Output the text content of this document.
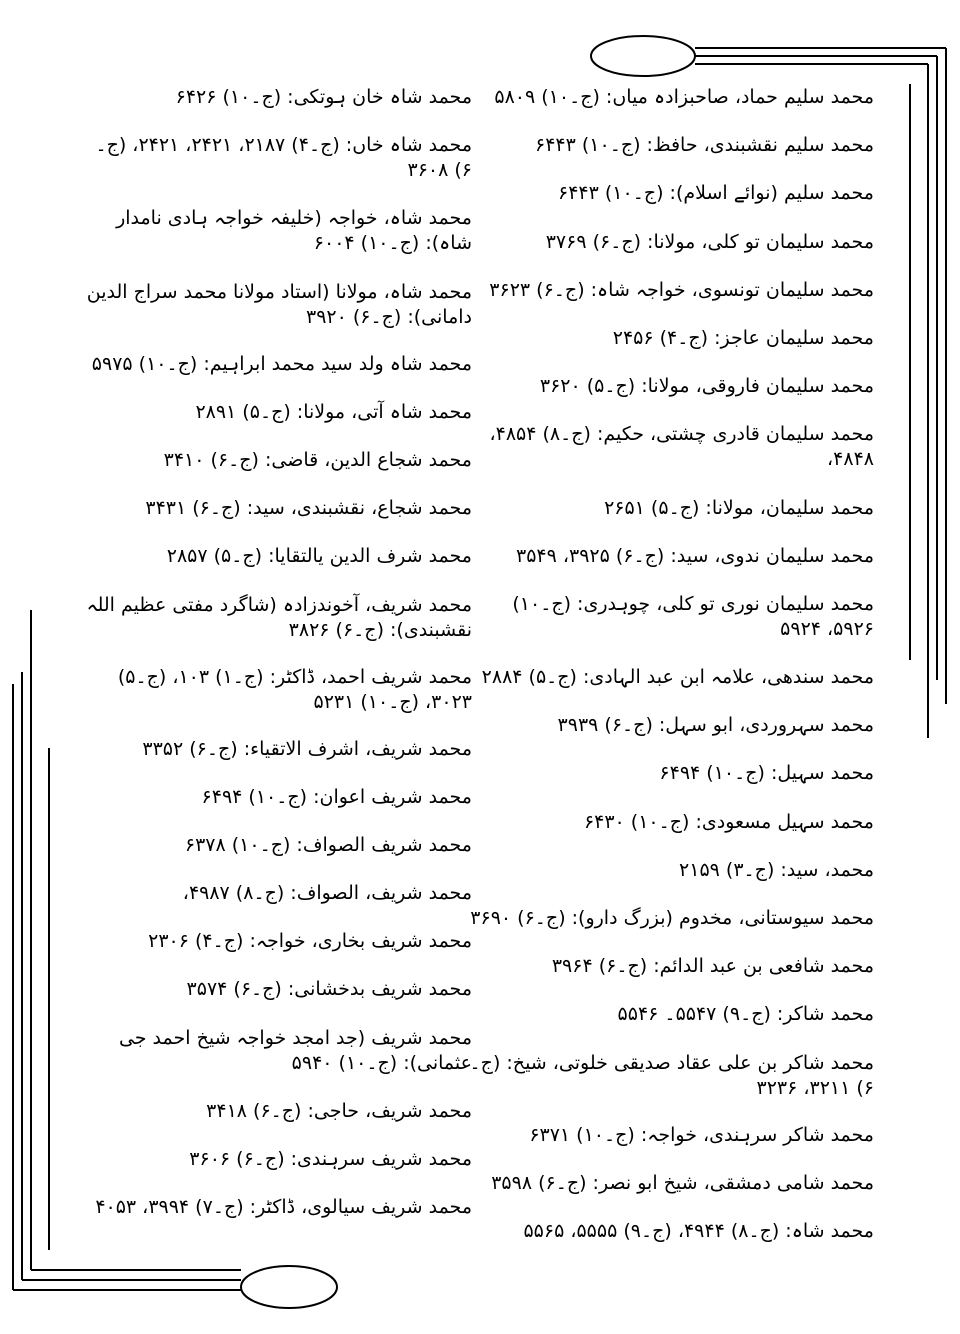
محمد سلیم حماد، صاحبزادہ میاں: (ج۔۱۰) ۵۸۰۹
محمد سلیم نقشبندی، حافظ: (ج۔۱۰) ۶۴۴۳
محمد سلیم (نوائے اسلام): (ج۔۱۰) ۶۴۴۳
محمد سلیمان تو کلی، مولانا: (ج۔۶) ۳۷۶۹
محمد سلیمان تونسوی، خواجہ شاہ: (ج۔۶) ۳۶۲۳
محمد سلیمان عاجز: (ج۔۴) ۲۴۵۶
محمد سلیمان فاروقی، مولانا: (ج۔۵) ۳۶۲۰
محمد سلیمان قادری چشتی، حکیم: (ج۔۸) ۴۸۵۴، ۴۸۴۸،
محمد سلیمان، مولانا: (ج۔۵) ۲۶۵۱
محمد سلیمان ندوی، سید: (ج۔۶) ۳۹۲۵، ۳۵۴۹
محمد سلیمان نوری تو کلی، چوہدری: (ج۔۱۰) ۵۹۲۶، ۵۹۲۴
محمد سندھی، علامہ ابن عبد الہادی: (ج۔۵) ۲۸۸۴
محمد سہروردی، ابو سہل: (ج۔۶) ۳۹۳۹
محمد سہیل: (ج۔۱۰) ۶۴۹۴
محمد سہیل مسعودی: (ج۔۱۰) ۶۴۳۰
محمد، سید: (ج۔۳) ۲۱۵۹
محمد سیوستانی، مخدوم (بزرگ دارو): (ج۔۶) ۳۶۹۰
محمد شافعی بن عبد الدائم: (ج۔۶) ۳۹۶۴
محمد شاکر: (ج۔۹) ۵۵۴۷۔ ۵۵۴۶
محمد شاکر بن علی عقاد صدیقی خلوتی، شیخ: (ج۔۶) ۳۲۱۱، ۳۲۳۶
محمد شاکر سرہندی، خواجہ: (ج۔۱۰) ۶۳۷۱
محمد شامی دمشقی، شیخ ابو نصر: (ج۔۶) ۳۵۹۸
محمد شاہ: (ج۔۸) ۴۹۴۴، (ج۔۹) ۵۵۵۵، ۵۵۶۵
محمد شاہ خان ہوتکی: (ج۔۱۰) ۶۴۲۶
محمد شاہ خاں: (ج۔۴) ۲۱۸۷، ۲۴۲۱، ۲۴۲۱، (ج۔۶) ۳۶۰۸
محمد شاہ، خواجہ (خلیفہ خواجہ ہادی نامدار شاہ): (ج۔۱۰) ۶۰۰۴
محمد شاہ، مولانا (استاد مولانا محمد سراج الدین دامانی): (ج۔۶) ۳۹۲۰
محمد شاہ ولد سید محمد ابراہیم: (ج۔۱۰) ۵۹۷۵
محمد شاہ آتی، مولانا: (ج۔۵) ۲۸۹۱
محمد شجاع الدین، قاضی: (ج۔۶) ۳۴۱۰
محمد شجاع، نقشبندی، سید: (ج۔۶) ۳۴۳۱
محمد شرف الدین یالتقایا: (ج۔۵) ۲۸۵۷
محمد شریف، آخوندزادہ (شاگرد مفتی عظیم اللہ نقشبندی): (ج۔۶) ۳۸۲۶
محمد شریف احمد، ڈاکٹر: (ج۔۱) ۱۰۳، (ج۔۵) ۳۰۲۳، (ج۔۱۰) ۵۲۳۱
محمد شریف، اشرف الاتقیاء: (ج۔۶) ۳۳۵۲
محمد شریف اعوان: (ج۔۱۰) ۶۴۹۴
محمد شریف الصواف: (ج۔۱۰) ۶۳۷۸
محمد شریف، الصواف: (ج۔۸) ۴۹۸۷،
محمد شریف بخاری، خواجہ: (ج۔۴) ۲۳۰۶
محمد شریف بدخشانی: (ج۔۶) ۳۵۷۴
محمد شریف (جد امجد خواجہ شیخ احمد جی عثمانی): (ج۔۱۰) ۵۹۴۰
محمد شریف، حاجی: (ج۔۶) ۳۴۱۸
محمد شریف سرہندی: (ج۔۶) ۳۶۰۶
محمد شریف سیالوی، ڈاکٹر: (ج۔۷) ۳۹۹۴، ۴۰۵۳
